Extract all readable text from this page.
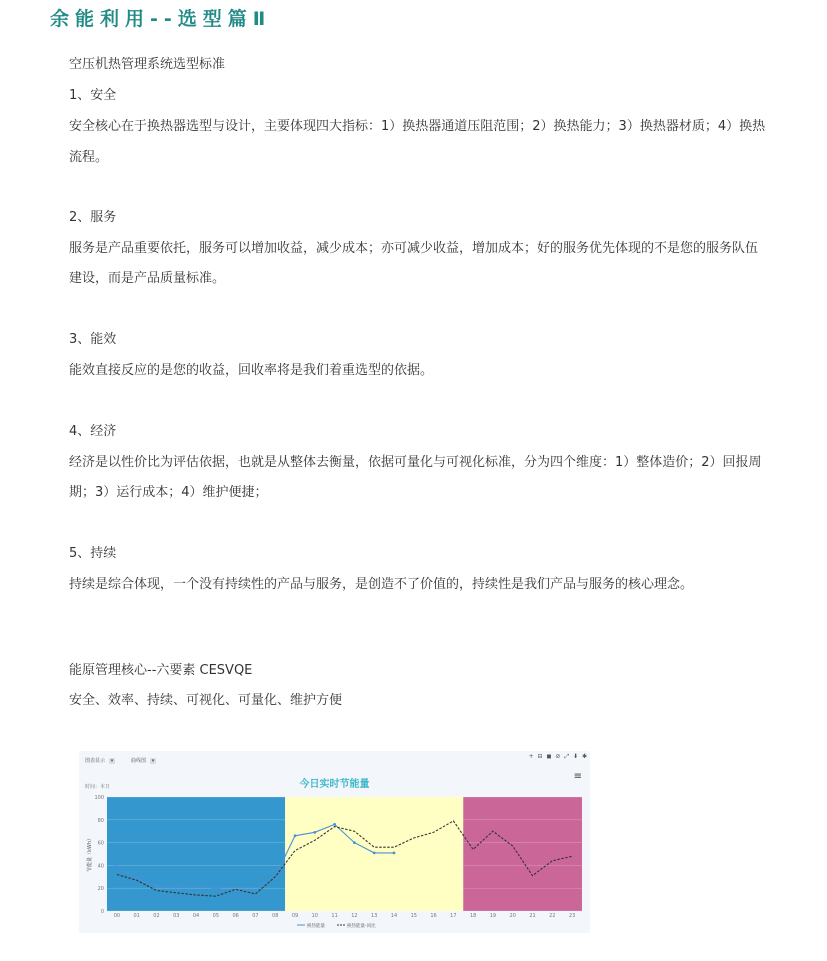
余能利用--选型篇Ⅱ
空压机热管理系统选型标准
1、安全
安全核心在于换热器选型与设计，主要体现四大指标：1）换热器通道压阻范围；2）换热能力；3）换热器材质；4）换热
流程。
2、服务
服务是产品重要依托，服务可以增加收益，减少成本；亦可减少收益，增加成本；好的服务优先体现的不是您的服务队伍
建设，而是产品质量标准。
3、能效
能效直接反应的是您的收益，回收率将是我们着重选型的依据。
4、经济
经济是以性价比为评估依据，也就是从整体去衡量，依据可量化与可视化标准，分为四个维度：1）整体造价；2）回报周
期；3）运行成本；4）维护便捷；
5、持续
持续是综合体现，一个没有持续性的产品与服务，是创造不了价值的，持续性是我们产品与服务的核心理念。
能原管理核心--六要素 CESVQE
安全、效率、持续、可视化、可量化、维护方便
图表显示 ▾	曲线图 ▾
+ ⊟ ◼ ⊘ ⤢ ⬇ ✱
≡
今日实时节能量
时间：本日
0
20
40
60
80
100
00	01	02	03	04	05	06	07	08	09	10	11	12	13	14	15	16	17	18	19	20	21	22	23
节能量（kWh）
换热能量	换热能量-同比
